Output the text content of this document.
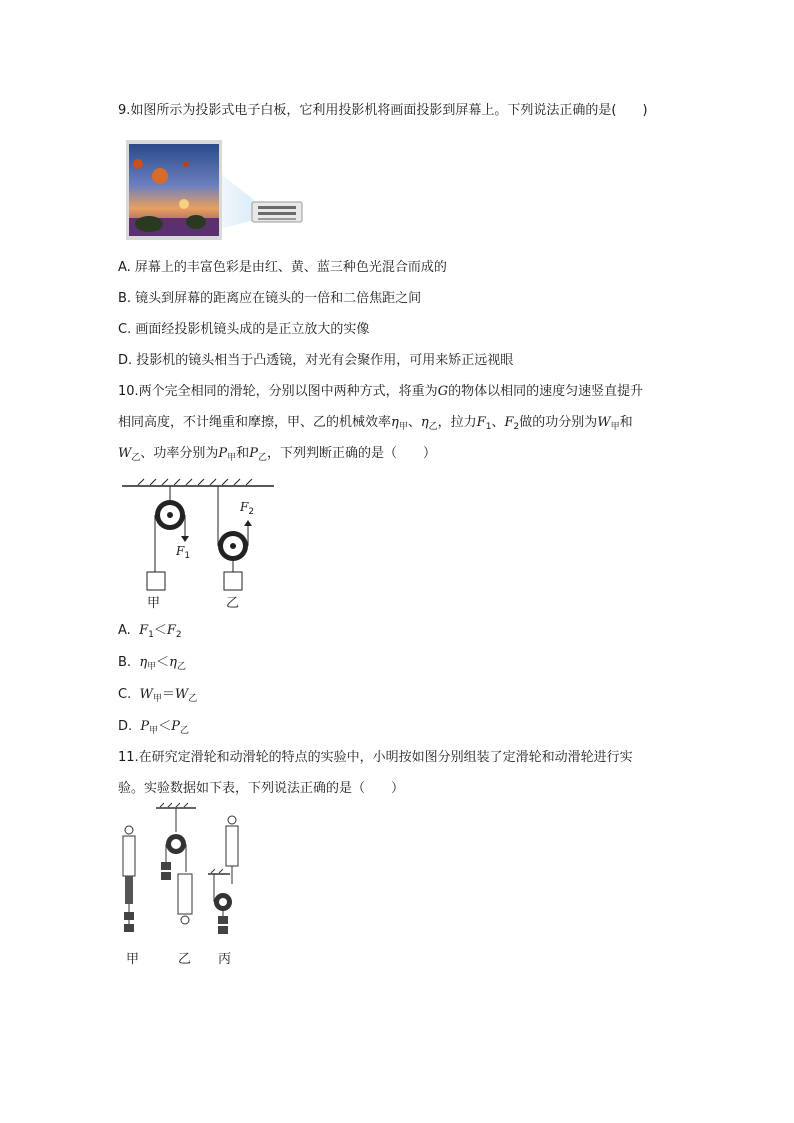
9.如图所示为投影式电子白板，它利用投影机将画面投影到屏幕上。下列说法正确的是(　　)
A. 屏幕上的丰富色彩是由红、黄、蓝三种色光混合而成的
B. 镜头到屏幕的距离应在镜头的一倍和二倍焦距之间
C. 画面经投影机镜头成的是正立放大的实像
D. 投影机的镜头相当于凸透镜，对光有会聚作用，可用来矫正远视眼
10.两个完全相同的滑轮，分别以图中两种方式，将重为G的物体以相同的速度匀速竖直提升
相同高度，不计绳重和摩擦，甲、乙的机械效率$\eta_甲$、$\eta_乙$，拉力$F_1$、$F_2$做的功分别为$W_甲$和
$W_乙$、功率分别为$P_甲$和$P_乙$，下列判断正确的是（　　）
$F_2$
$F_1$
甲	乙
A. $F_1<F_2$
B. $\eta_甲<\eta_乙$
C. $W_甲=W_乙$
D. $P_甲<P_乙$
11.在研究定滑轮和动滑轮的特点的实验中，小明按如图分别组装了定滑轮和动滑轮进行实
验。实验数据如下表，下列说法正确的是（　　）
甲	乙 丙
